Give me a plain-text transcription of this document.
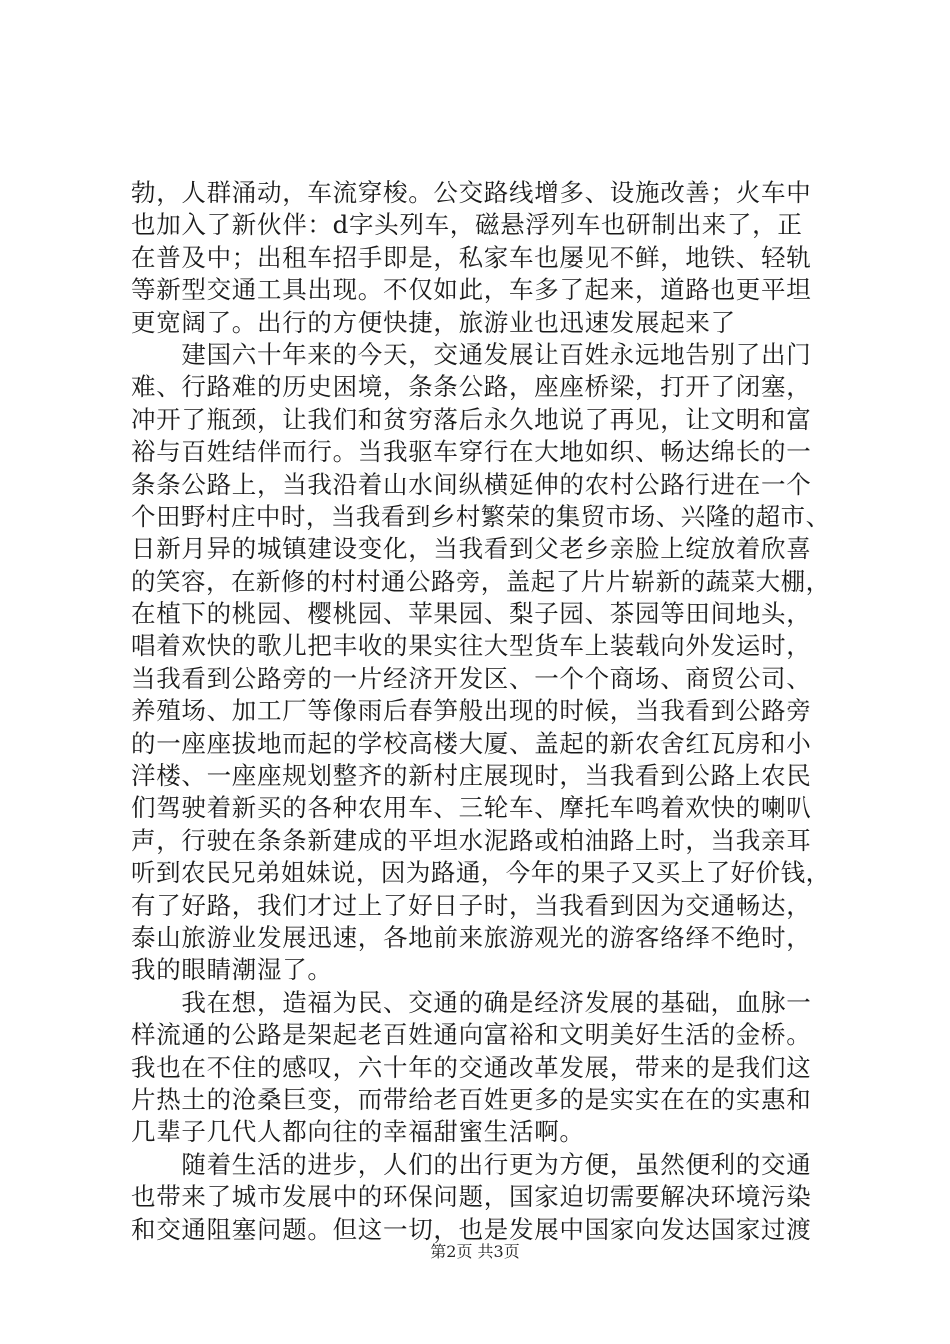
勃，人群涌动，车流穿梭。公交路线增多、设施改善；火车中
也加入了新伙伴：d字头列车，磁悬浮列车也研制出来了，正
在普及中；出租车招手即是，私家车也屡见不鲜，地铁、轻轨
等新型交通工具出现。不仅如此，车多了起来，道路也更平坦
更宽阔了。出行的方便快捷，旅游业也迅速发展起来了
　　建国六十年来的今天，交通发展让百姓永远地告别了出门
难、行路难的历史困境，条条公路，座座桥梁，打开了闭塞，
冲开了瓶颈，让我们和贫穷落后永久地说了再见，让文明和富
裕与百姓结伴而行。当我驱车穿行在大地如织、畅达绵长的一
条条公路上，当我沿着山水间纵横延伸的农村公路行进在一个
个田野村庄中时，当我看到乡村繁荣的集贸市场、兴隆的超市、
日新月异的城镇建设变化，当我看到父老乡亲脸上绽放着欣喜
的笑容，在新修的村村通公路旁，盖起了片片崭新的蔬菜大棚，
在植下的桃园、樱桃园、苹果园、梨子园、茶园等田间地头，
唱着欢快的歌儿把丰收的果实往大型货车上装载向外发运时，
当我看到公路旁的一片经济开发区、一个个商场、商贸公司、
养殖场、加工厂等像雨后春笋般出现的时候，当我看到公路旁
的一座座拔地而起的学校高楼大厦、盖起的新农舍红瓦房和小
洋楼、一座座规划整齐的新村庄展现时，当我看到公路上农民
们驾驶着新买的各种农用车、三轮车、摩托车鸣着欢快的喇叭
声，行驶在条条新建成的平坦水泥路或柏油路上时，当我亲耳
听到农民兄弟姐妹说，因为路通，今年的果子又买上了好价钱，
有了好路，我们才过上了好日子时，当我看到因为交通畅达，
泰山旅游业发展迅速，各地前来旅游观光的游客络绎不绝时，
我的眼睛潮湿了。
　　我在想，造福为民、交通的确是经济发展的基础，血脉一
样流通的公路是架起老百姓通向富裕和文明美好生活的金桥。
我也在不住的感叹，六十年的交通改革发展，带来的是我们这
片热土的沧桑巨变，而带给老百姓更多的是实实在在的实惠和
几辈子几代人都向往的幸福甜蜜生活啊。
　　随着生活的进步，人们的出行更为方便，虽然便利的交通
也带来了城市发展中的环保问题，国家迫切需要解决环境污染
和交通阻塞问题。但这一切，也是发展中国家向发达国家过渡
第2页 共3页
